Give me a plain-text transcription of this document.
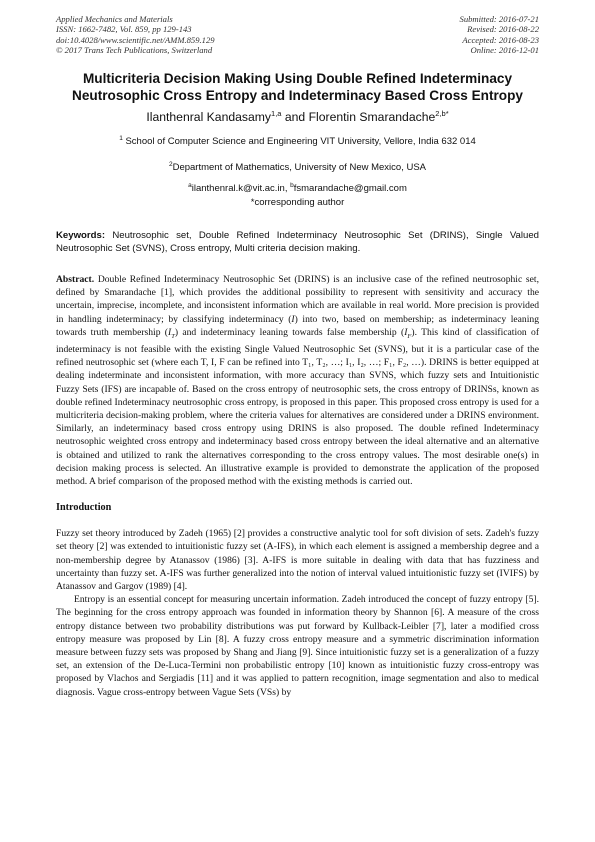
Applied Mechanics and Materials
ISSN: 1662-7482, Vol. 859, pp 129-143
doi:10.4028/www.scientific.net/AMM.859.129
© 2017 Trans Tech Publications, Switzerland
Submitted: 2016-07-21
Revised: 2016-08-22
Accepted: 2016-08-23
Online: 2016-12-01
Multicriteria Decision Making Using Double Refined Indeterminacy
Neutrosophic Cross Entropy and Indeterminacy Based Cross Entropy
Ilanthenral Kandasamy$^{1,a}$ and Florentin Smarandache$^{2,b*}$
$^1$ School of Computer Science and Engineering VIT University, Vellore, India 632 014
$^2$Department of Mathematics, University of New Mexico, USA
$^a$ilanthenral.k@vit.ac.in, $^b$fsmarandache@gmail.com
*corresponding author
Keywords: Neutrosophic set, Double Refined Indeterminacy Neutrosophic Set (DRINS), Single Valued Neutrosophic Set (SVNS), Cross entropy, Multi criteria decision making.
Abstract. Double Refined Indeterminacy Neutrosophic Set (DRINS) is an inclusive case of the refined neutrosophic set, defined by Smarandache [1], which provides the additional possibility to represent with sensitivity and accuracy the uncertain, imprecise, incomplete, and inconsistent information which are available in real world. More precision is provided in handling indeterminacy; by classifying indeterminacy (I) into two, based on membership; as indeterminacy leaning towards truth membership $(I_T)$ and indeterminacy leaning towards false membership $(I_F)$. This kind of classification of indeterminacy is not feasible with the existing Single Valued Neutrosophic Set (SVNS), but it is a particular case of the refined neutrosophic set (where each T, I, F can be refined into T₁, T₂, …; I₁, I₂, …; F₁, F₂, …). DRINS is better equipped at dealing indeterminate and inconsistent information, with more accuracy than SVNS, which fuzzy sets and Intuitionistic Fuzzy Sets (IFS) are incapable of. Based on the cross entropy of neutrosophic sets, the cross entropy of DRINSs, known as double refined Indeterminacy neutrosophic cross entropy, is proposed in this paper. This proposed cross entropy is used for a multicriteria decision-making problem, where the criteria values for alternatives are considered under a DRINS environment. Similarly, an indeterminacy based cross entropy using DRINS is also proposed. The double refined Indeterminacy neutrosophic weighted cross entropy and indeterminacy based cross entropy between the ideal alternative and an alternative is obtained and utilized to rank the alternatives corresponding to the cross entropy values. The most desirable one(s) in decision making process is selected. An illustrative example is provided to demonstrate the application of the proposed method. A brief comparison of the proposed method with the existing methods is carried out.
Introduction
Fuzzy set theory introduced by Zadeh (1965) [2] provides a constructive analytic tool for soft division of sets. Zadeh's fuzzy set theory [2] was extended to intuitionistic fuzzy set (A-IFS), in which each element is assigned a membership degree and a non-membership degree by Atanassov (1986) [3]. A-IFS is more suitable in dealing with data that has fuzziness and uncertainty than fuzzy set. A-IFS was further generalized into the notion of interval valued intuitionistic fuzzy set (IVIFS) by Atanassov and Gargov (1989) [4].
Entropy is an essential concept for measuring uncertain information. Zadeh introduced the concept of fuzzy entropy [5]. The beginning for the cross entropy approach was founded in information theory by Shannon [6]. A measure of the cross entropy distance between two probability distributions was put forward by Kullback-Leibler [7], later a modified cross entropy measure was proposed by Lin [8]. A fuzzy cross entropy measure and a symmetric discrimination information measure between fuzzy sets was proposed by Shang and Jiang [9]. Since intuitionistic fuzzy set is a generalization of a fuzzy set, an extension of the De-Luca-Termini non probabilistic entropy [10] known as intuitionistic fuzzy cross-entropy was proposed by Vlachos and Sergiadis [11] and it was applied to pattern recognition, image segmentation and also to medical diagnosis. Vague cross-entropy between Vague Sets (VSs) by
